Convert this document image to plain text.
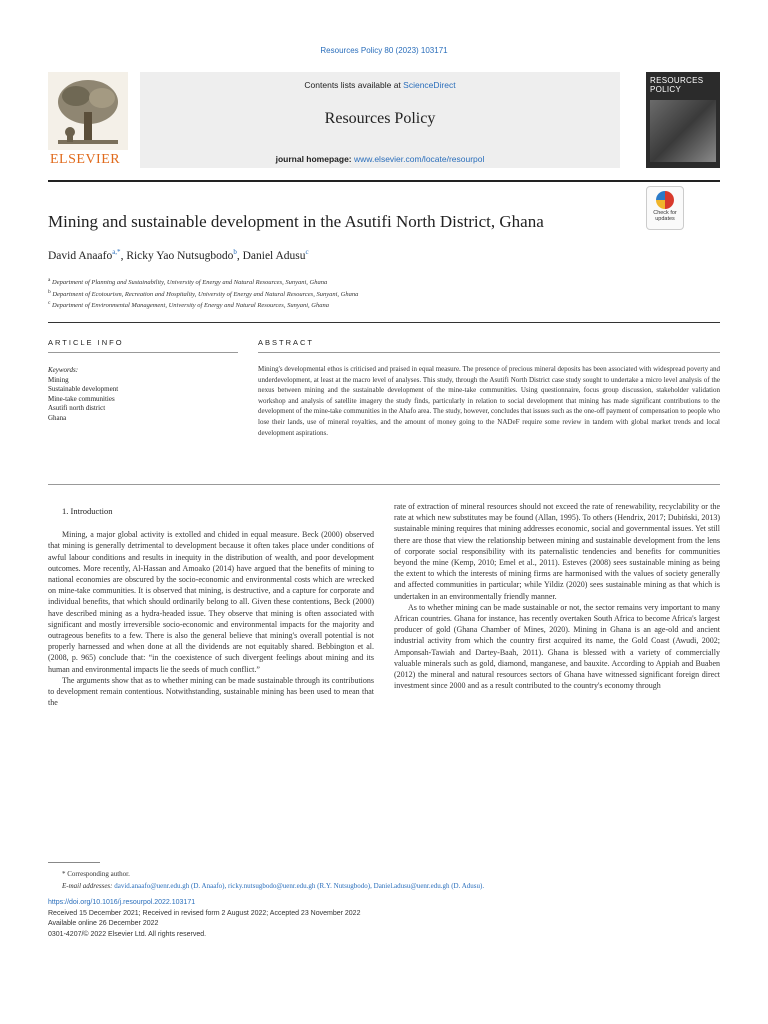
Resources Policy 80 (2023) 103171
ELSEVIER
Contents lists available at ScienceDirect
Resources Policy
journal homepage: www.elsevier.com/locate/resourpol
RESOURCES
POLICY
Mining and sustainable development in the Asutifi North District, Ghana	Check for
updates
David Anaafo$^{a,*}$, Ricky Yao Nutsugbodo$^b$, Daniel Adusu$^c$
$^a$ Department of Planning and Sustainability, University of Energy and Natural Resources, Sunyani, Ghana
$^b$ Department of Ecotourism, Recreation and Hospitality, University of Energy and Natural Resources, Sunyani, Ghana
$^c$ Department of Environmental Management, University of Energy and Natural Resources, Sunyani, Ghana
ARTICLE INFO	ABSTRACT
Keywords:
Mining
Sustainable development
Mine-take communities
Asutifi north district
Ghana
Mining's developmental ethos is criticised and praised in equal measure. The presence of precious mineral deposits has been associated with widespread poverty and underdevelopment, at least at the macro level of analyses. This study, through the Asutifi North District case study sought to undertake a micro level analysis of the nexus between mining and the sustainable development of the mine-take communities. Using questionnaire, focus group discussion, stakeholder validation workshop and analysis of satellite imagery the study finds, particularly in relation to social development that mining has made significant contributions to the development of the mine-take communities in the Ahafo area. The study, however, concludes that issues such as the one-off payment of compensation to people who lose their lands, use of mineral royalties, and the amount of money going to the NADeF require some review in tandem with global market trends and local development aspirations.

1. Introduction

Mining, a major global activity is extolled and chided in equal measure. Beck (2000) observed that mining is generally detrimental to development because it often takes place under conditions of awful labour conditions and results in inequity in the distribution of wealth, and poor development outcomes. More recently, Al-Hassan and Amoako (2014) have argued that the benefits of mining to national economies are obscured by the socio-economic and environmental costs which are wrecked on mine-take communities. It is observed that mining, is destructive, and a capture for corporate and individual benefits, that which should ordinarily belong to all. Given these contentions, Beck (2000) have described mining as a hydra-headed issue. They observe that mining is often associated with significant and mostly irreversible socio-economic and environmental impacts for the majority and outrageous benefits to a few. There is also the general believe that mining's overall potential is not properly harnessed and when done at all the dividends are not equitably shared. Bebbington et al. (2008, p. 965) conclude that: “in the coexistence of such divergent feelings about mining and its human and environmental impacts lie the seeds of much conflict.”

The arguments show that as to whether mining can be made sustainable through its contributions to development remain contentious. Notwithstanding, sustainable mining has been used to mean that the

rate of extraction of mineral resources should not exceed the rate of renewability, recyclability or the rate at which new substitutes may be found (Allan, 1995). To others (Hendrix, 2017; Dubiński, 2013) sustainable mining requires that mining addresses economic, social and governmental issues. Yet still there are those that view the relationship between mining and sustainable development from the lens of corporate social responsibility with its paternalistic tendencies and benefits for communities beyond the mine (Kemp, 2010; Emel et al., 2011). Esteves (2008) sees sustainable mining as being the extent to which the interests of mining firms are harmonised with the values of society generally and affected communities in particular; while Yildiz (2020) sees sustainable mining as that which is undertaken in an environmentally friendly manner.

As to whether mining can be made sustainable or not, the sector remains very important to many African countries. Ghana for instance, has recently overtaken South Africa to become Africa's largest producer of gold (Ghana Chamber of Mines, 2020). Mining in Ghana is an age-old and ancient industrial activity from which the country first acquired its name, the Gold Coast (Awudi, 2002; Amponsah-Tawiah and Dartey-Baah, 2011). Ghana is blessed with a variety of commercially valuable minerals such as gold, diamond, manganese, and bauxite. According to Appiah and Buaben (2012) the mineral and natural resources sectors of Ghana have witnessed significant foreign direct investment since 2000 and as a result contributed to the country's economy through

* Corresponding author.
E-mail addresses: david.anaafo@uenr.edu.gh (D. Anaafo), ricky.nutsugbodo@uenr.edu.gh (R.Y. Nutsugbodo), Daniel.adusu@uenr.edu.gh (D. Adusu).
https://doi.org/10.1016/j.resourpol.2022.103171
Received 15 December 2021; Received in revised form 2 August 2022; Accepted 23 November 2022
Available online 26 December 2022
0301-4207/© 2022 Elsevier Ltd. All rights reserved.
